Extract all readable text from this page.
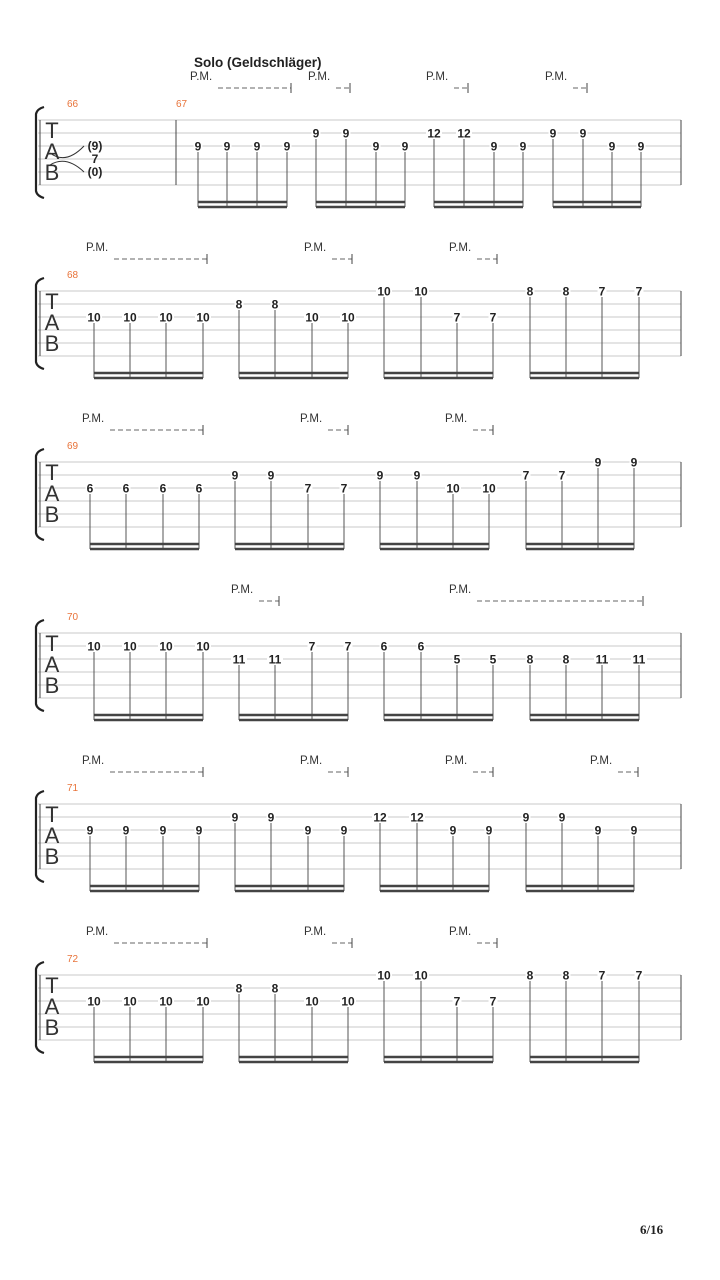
Solo (Geldschläger)
T
A
B
66	67
(9)
7
(0)
9 9 9 9
9 9
9 9
12 12
9 9
9 9
9 9
P.M.	P.M.	P.M.	P.M.
T
A
B
68
10 10 10 10
8 8
10 10
10 10
7 7
8 8 7	7
P.M.	P.M.	P.M.
T
A
B
69
6 6	6 6
9 9
7 7
9	9
10 10
7 7
9 9
P.M.	P.M.	P.M.
T
A
B
70
10 10 10 10
11 11
7 7 6	6
5 5	8 8 11 11
P.M.	P.M.
T
A
B
71
9 9	9 9
9 9
9 9
12 12
9 9
9 9
9 9
P.M.	P.M.	P.M.	P.M.
T
A
B
72
10 10 10 10
8 8
10 10
10 10
7 7
8 8 7	7
P.M.	P.M.	P.M.
6/16
